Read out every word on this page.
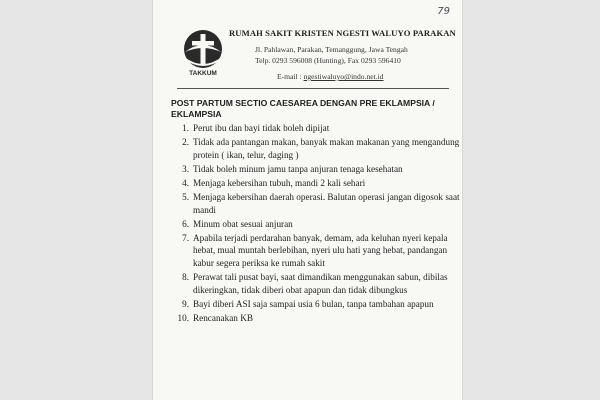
79
TAKKUM
RUMAH SAKIT KRISTEN NGESTI WALUYO PARAKAN
Jl. Pahlawan, Parakan, Temanggung, Jawa Tengah
Telp. 0293 596008 (Hunting), Fax 0293 596410
E-mail : ngestiwaluyo@indo.net.id
POST PARTUM SECTIO CAESAREA DENGAN PRE EKLAMPSIA / EKLAMPSIA
1. Perut ibu dan bayi tidak boleh dipijat
2. Tidak ada pantangan makan, banyak makan makanan yang mengandung protein ( ikan, telur, daging )
3. Tidak boleh minum jamu tanpa anjuran tenaga kesehatan
4. Menjaga kebersihan tubuh, mandi 2 kali sehari
5. Menjaga kebersihan daerah operasi. Balutan operasi jangan digosok saat mandi
6. Minum obat sesuai anjuran
7. Apabila terjadi perdarahan banyak, demam, ada keluhan nyeri kepala hebat, mual muntah berlebihan, nyeri ulu hati yang hebat, pandangan kabur segera periksa ke rumah sakit
8. Perawat tali pusat bayi, saat dimandikan menggunakan sabun, dibilas dikeringkan, tidak diberi obat apapun dan tidak dibungkus
9. Bayi diberi ASI saja sampai usia 6 bulan, tanpa tambahan apapun
10. Rencanakan KB
